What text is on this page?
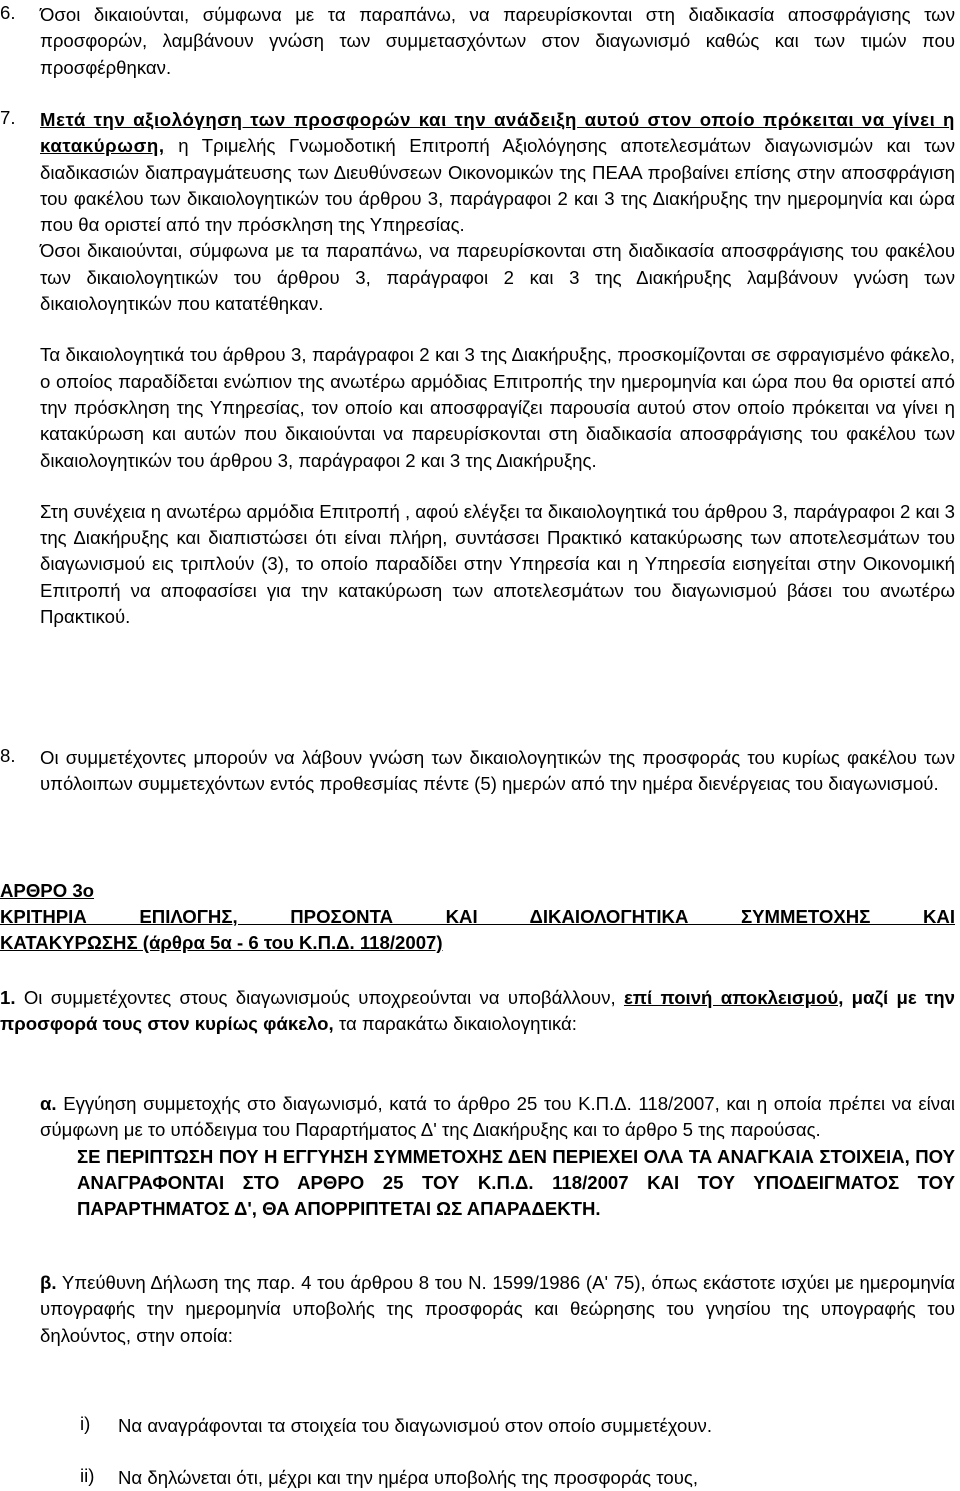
6. Όσοι δικαιούνται, σύμφωνα με τα παραπάνω, να παρευρίσκονται στη διαδικασία αποσφράγισης των προσφορών, λαμβάνουν γνώση των συμμετασχόντων στον διαγωνισμό καθώς και των τιμών που προσφέρθηκαν.

7. Μετά την αξιολόγηση των προσφορών και την ανάδειξη αυτού στον οποίο πρόκειται να γίνει η κατακύρωση, η Τριμελής Γνωμοδοτική Επιτροπή Αξιολόγησης αποτελεσμάτων διαγωνισμών και των διαδικασιών διαπραγμάτευσης των Διευθύνσεων Οικονομικών της ΠΕΑΑ προβαίνει επίσης στην αποσφράγιση του φακέλου των δικαιολογητικών του άρθρου 3, παράγραφοι 2 και 3 της Διακήρυξης την ημερομηνία και ώρα που θα οριστεί από την πρόσκληση της Υπηρεσίας.

Όσοι δικαιούνται, σύμφωνα με τα παραπάνω, να παρευρίσκονται στη διαδικασία αποσφράγισης του φακέλου των δικαιολογητικών του άρθρου 3, παράγραφοι 2 και 3 της Διακήρυξης λαμβάνουν γνώση των δικαιολογητικών που κατατέθηκαν.

Τα δικαιολογητικά του άρθρου 3, παράγραφοι 2 και 3 της Διακήρυξης, προσκομίζονται σε σφραγισμένο φάκελο, ο οποίος παραδίδεται ενώπιον της ανωτέρω αρμόδιας Επιτροπής την ημερομηνία και ώρα που θα οριστεί από την πρόσκληση της Υπηρεσίας, τον οποίο και αποσφραγίζει παρουσία αυτού στον οποίο πρόκειται να γίνει η κατακύρωση και αυτών που δικαιούνται να παρευρίσκονται στη διαδικασία αποσφράγισης του φακέλου των δικαιολογητικών του άρθρου 3, παράγραφοι 2 και 3 της Διακήρυξης.

Στη συνέχεια η ανωτέρω αρμόδια Επιτροπή , αφού ελέγξει τα δικαιολογητικά του άρθρου 3, παράγραφοι 2 και 3 της Διακήρυξης και διαπιστώσει ότι είναι πλήρη, συντάσσει Πρακτικό κατακύρωσης των αποτελεσμάτων του διαγωνισμού εις τριπλούν (3), το οποίο παραδίδει στην Υπηρεσία και η Υπηρεσία εισηγείται στην Οικονομική Επιτροπή να αποφασίσει για την κατακύρωση των αποτελεσμάτων του διαγωνισμού βάσει του ανωτέρω Πρακτικού.

8. Οι συμμετέχοντες μπορούν να λάβουν γνώση των δικαιολογητικών της προσφοράς του κυρίως φακέλου των υπόλοιπων συμμετεχόντων εντός προθεσμίας πέντε (5) ημερών από την ημέρα διενέργειας του διαγωνισμού.

ΑΡΘΡΟ 3ο
ΚΡΙΤΗΡΙΑ ΕΠΙΛΟΓΗΣ, ΠΡΟΣΟΝΤΑ ΚΑΙ ΔΙΚΑΙΟΛΟΓΗΤΙΚΑ ΣΥΜΜΕΤΟΧΗΣ ΚΑΙ
ΚΑΤΑΚΥΡΩΣΗΣ (άρθρα 5α - 6 του Κ.Π.Δ. 118/2007)

1. Οι συμμετέχοντες στους διαγωνισμούς υποχρεούνται να υποβάλλουν, επί ποινή αποκλεισμού, μαζί με την προσφορά τους στον κυρίως φάκελο, τα παρακάτω δικαιολογητικά:

α. Εγγύηση συμμετοχής στο διαγωνισμό, κατά το άρθρο 25 του Κ.Π.Δ. 118/2007, και η οποία πρέπει να είναι σύμφωνη με το υπόδειγμα του Παραρτήματος Δ' της Διακήρυξης και το άρθρο 5 της παρούσας.

ΣΕ ΠΕΡΙΠΤΩΣΗ ΠΟΥ Η ΕΓΓΥΗΣΗ ΣΥΜΜΕΤΟΧΗΣ ΔΕΝ ΠΕΡΙΕΧΕΙ ΟΛΑ ΤΑ ΑΝΑΓΚΑΙΑ ΣΤΟΙΧΕΙΑ, ΠΟΥ ΑΝΑΓΡΑΦΟΝΤΑΙ ΣΤΟ ΑΡΘΡΟ 25 ΤΟΥ Κ.Π.Δ. 118/2007 ΚΑΙ ΤΟΥ ΥΠΟΔΕΙΓΜΑΤΟΣ ΤΟΥ ΠΑΡΑΡΤΗΜΑΤΟΣ Δ', ΘΑ ΑΠΟΡΡΙΠΤΕΤΑΙ ΩΣ ΑΠΑΡΑΔΕΚΤΗ.

β. Υπεύθυνη Δήλωση της παρ. 4 του άρθρου 8 του Ν. 1599/1986 (Α' 75), όπως εκάστοτε ισχύει με ημερομηνία υπογραφής την ημερομηνία υποβολής της προσφοράς και θεώρησης του γνησίου της υπογραφής του δηλούντος, στην οποία:

i) Να αναγράφονται τα στοιχεία του διαγωνισμού στον οποίο συμμετέχουν.
ii) Να δηλώνεται ότι, μέχρι και την ημέρα υποβολής της προσφοράς τους,
